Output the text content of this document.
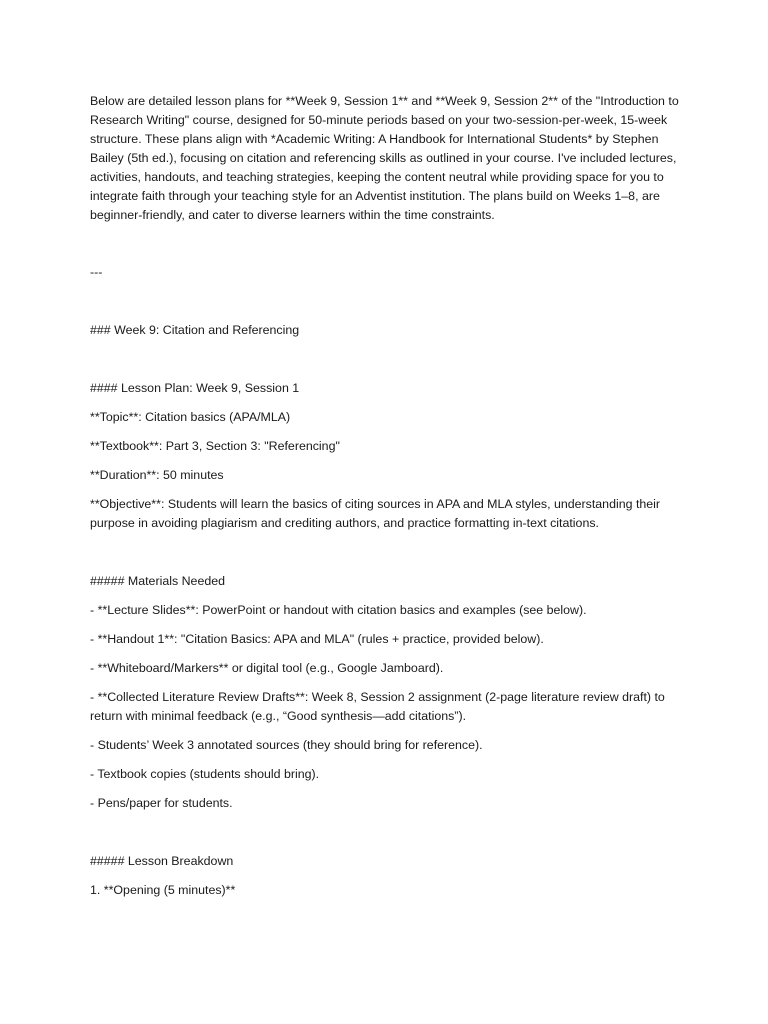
Below are detailed lesson plans for **Week 9, Session 1** and **Week 9, Session 2** of the "Introduction to Research Writing" course, designed for 50-minute periods based on your two-session-per-week, 15-week structure. These plans align with *Academic Writing: A Handbook for International Students* by Stephen Bailey (5th ed.), focusing on citation and referencing skills as outlined in your course. I've included lectures, activities, handouts, and teaching strategies, keeping the content neutral while providing space for you to integrate faith through your teaching style for an Adventist institution. The plans build on Weeks 1–8, are beginner-friendly, and cater to diverse learners within the time constraints.

---

### Week 9: Citation and Referencing

#### Lesson Plan: Week 9, Session 1

**Topic**: Citation basics (APA/MLA)

**Textbook**: Part 3, Section 3: "Referencing"

**Duration**: 50 minutes

**Objective**: Students will learn the basics of citing sources in APA and MLA styles, understanding their purpose in avoiding plagiarism and crediting authors, and practice formatting in-text citations.

##### Materials Needed

- **Lecture Slides**: PowerPoint or handout with citation basics and examples (see below).

- **Handout 1**: "Citation Basics: APA and MLA" (rules + practice, provided below).

- **Whiteboard/Markers** or digital tool (e.g., Google Jamboard).

- **Collected Literature Review Drafts**: Week 8, Session 2 assignment (2-page literature review draft) to return with minimal feedback (e.g., “Good synthesis—add citations”).

- Students’ Week 3 annotated sources (they should bring for reference).

- Textbook copies (students should bring).

- Pens/paper for students.

##### Lesson Breakdown

1. **Opening (5 minutes)**
